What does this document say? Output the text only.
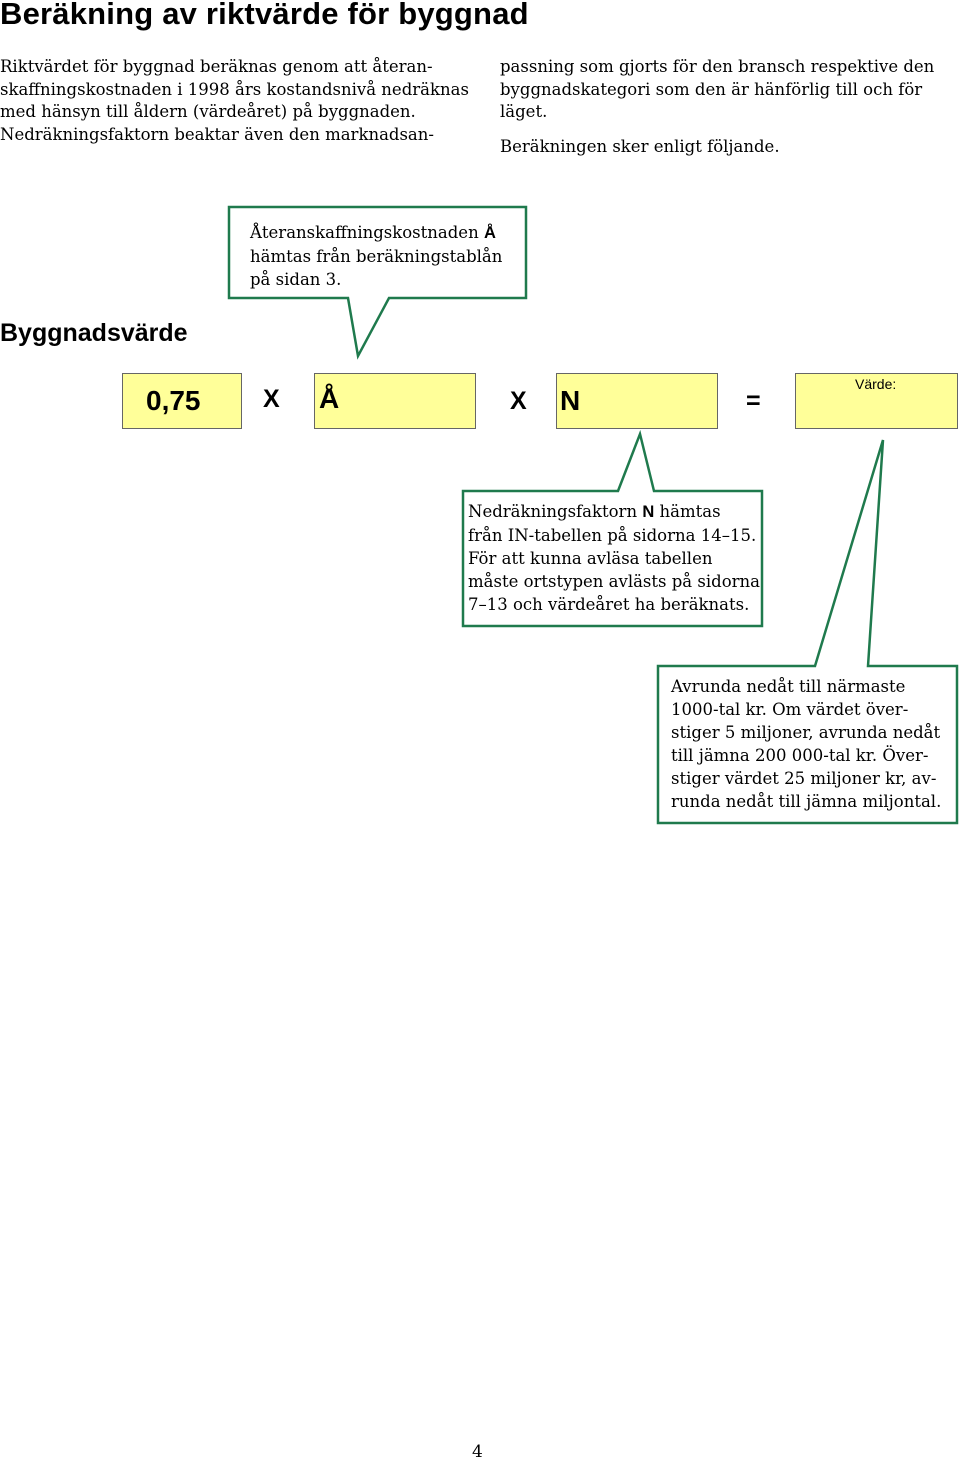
Beräkning av riktvärde för byggnad

Riktvärdet för byggnad beräknas genom att återan-
skaffningskostnaden i 1998 års kostandsnivå nedräknas
med hänsyn till åldern (värdeåret) på byggnaden.
Nedräkningsfaktorn beaktar även den marknadsan-

passning som gjorts för den bransch respektive den
byggnadskategori som den är hänförlig till och för
läget.

Beräkningen sker enligt följande.

Återanskaffningskostnaden Å
hämtas från beräkningstablån
på sidan 3.
Byggnadsvärde
0,75	X Å	X N	=
Värde:
Nedräkningsfaktorn N hämtas
från IN-tabellen på sidorna 14–15.
För att kunna avläsa tabellen
måste ortstypen avlästs på sidorna
7–13 och värdeåret ha beräknats.
Avrunda nedåt till närmaste
1000-tal kr. Om värdet över-
stiger 5 miljoner, avrunda nedåt
till jämna 200 000-tal kr. Över-
stiger värdet 25 miljoner kr, av-
runda nedåt till jämna miljontal.
4
